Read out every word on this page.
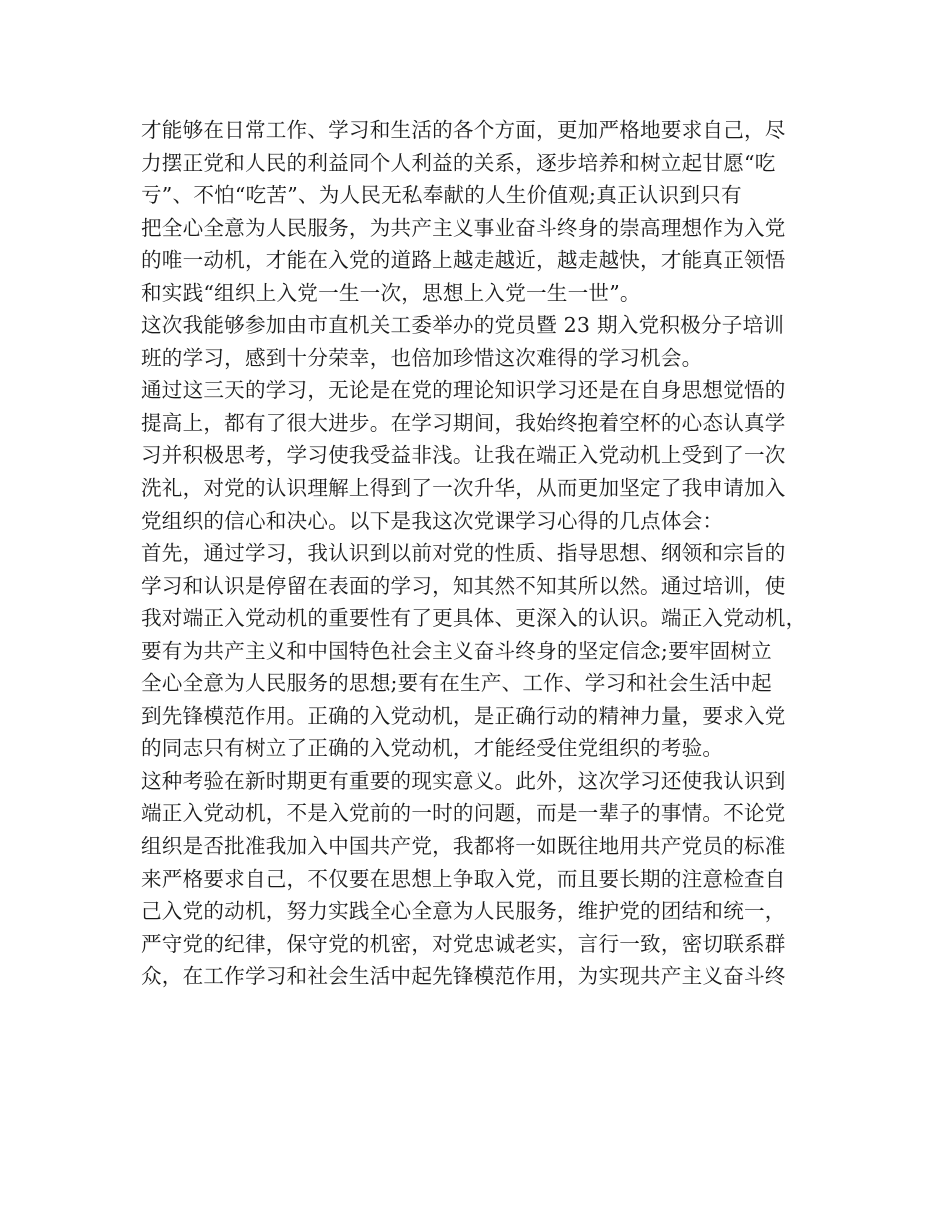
才能够在日常工作、学习和生活的各个方面，更加严格地要求自己，尽
力摆正党和人民的利益同个人利益的关系，逐步培养和树立起甘愿“吃
亏”、不怕“吃苦”、为人民无私奉献的人生价值观;真正认识到只有
把全心全意为人民服务，为共产主义事业奋斗终身的崇高理想作为入党
的唯一动机，才能在入党的道路上越走越近，越走越快，才能真正领悟
和实践“组织上入党一生一次，思想上入党一生一世”。
这次我能够参加由市直机关工委举办的党员暨 23 期入党积极分子培训
班的学习，感到十分荣幸，也倍加珍惜这次难得的学习机会。
通过这三天的学习，无论是在党的理论知识学习还是在自身思想觉悟的
提高上，都有了很大进步。在学习期间，我始终抱着空杯的心态认真学
习并积极思考，学习使我受益非浅。让我在端正入党动机上受到了一次
洗礼，对党的认识理解上得到了一次升华，从而更加坚定了我申请加入
党组织的信心和决心。以下是我这次党课学习心得的几点体会：
首先，通过学习，我认识到以前对党的性质、指导思想、纲领和宗旨的
学习和认识是停留在表面的学习，知其然不知其所以然。通过培训，使
我对端正入党动机的重要性有了更具体、更深入的认识。端正入党动机，
要有为共产主义和中国特色社会主义奋斗终身的坚定信念;要牢固树立
全心全意为人民服务的思想;要有在生产、工作、学习和社会生活中起
到先锋模范作用。正确的入党动机，是正确行动的精神力量，要求入党
的同志只有树立了正确的入党动机，才能经受住党组织的考验。
这种考验在新时期更有重要的现实意义。此外，这次学习还使我认识到
端正入党动机，不是入党前的一时的问题，而是一辈子的事情。不论党
组织是否批准我加入中国共产党，我都将一如既往地用共产党员的标准
来严格要求自己，不仅要在思想上争取入党，而且要长期的注意检查自
己入党的动机，努力实践全心全意为人民服务，维护党的团结和统一，
严守党的纪律，保守党的机密，对党忠诚老实，言行一致，密切联系群
众，在工作学习和社会生活中起先锋模范作用，为实现共产主义奋斗终
